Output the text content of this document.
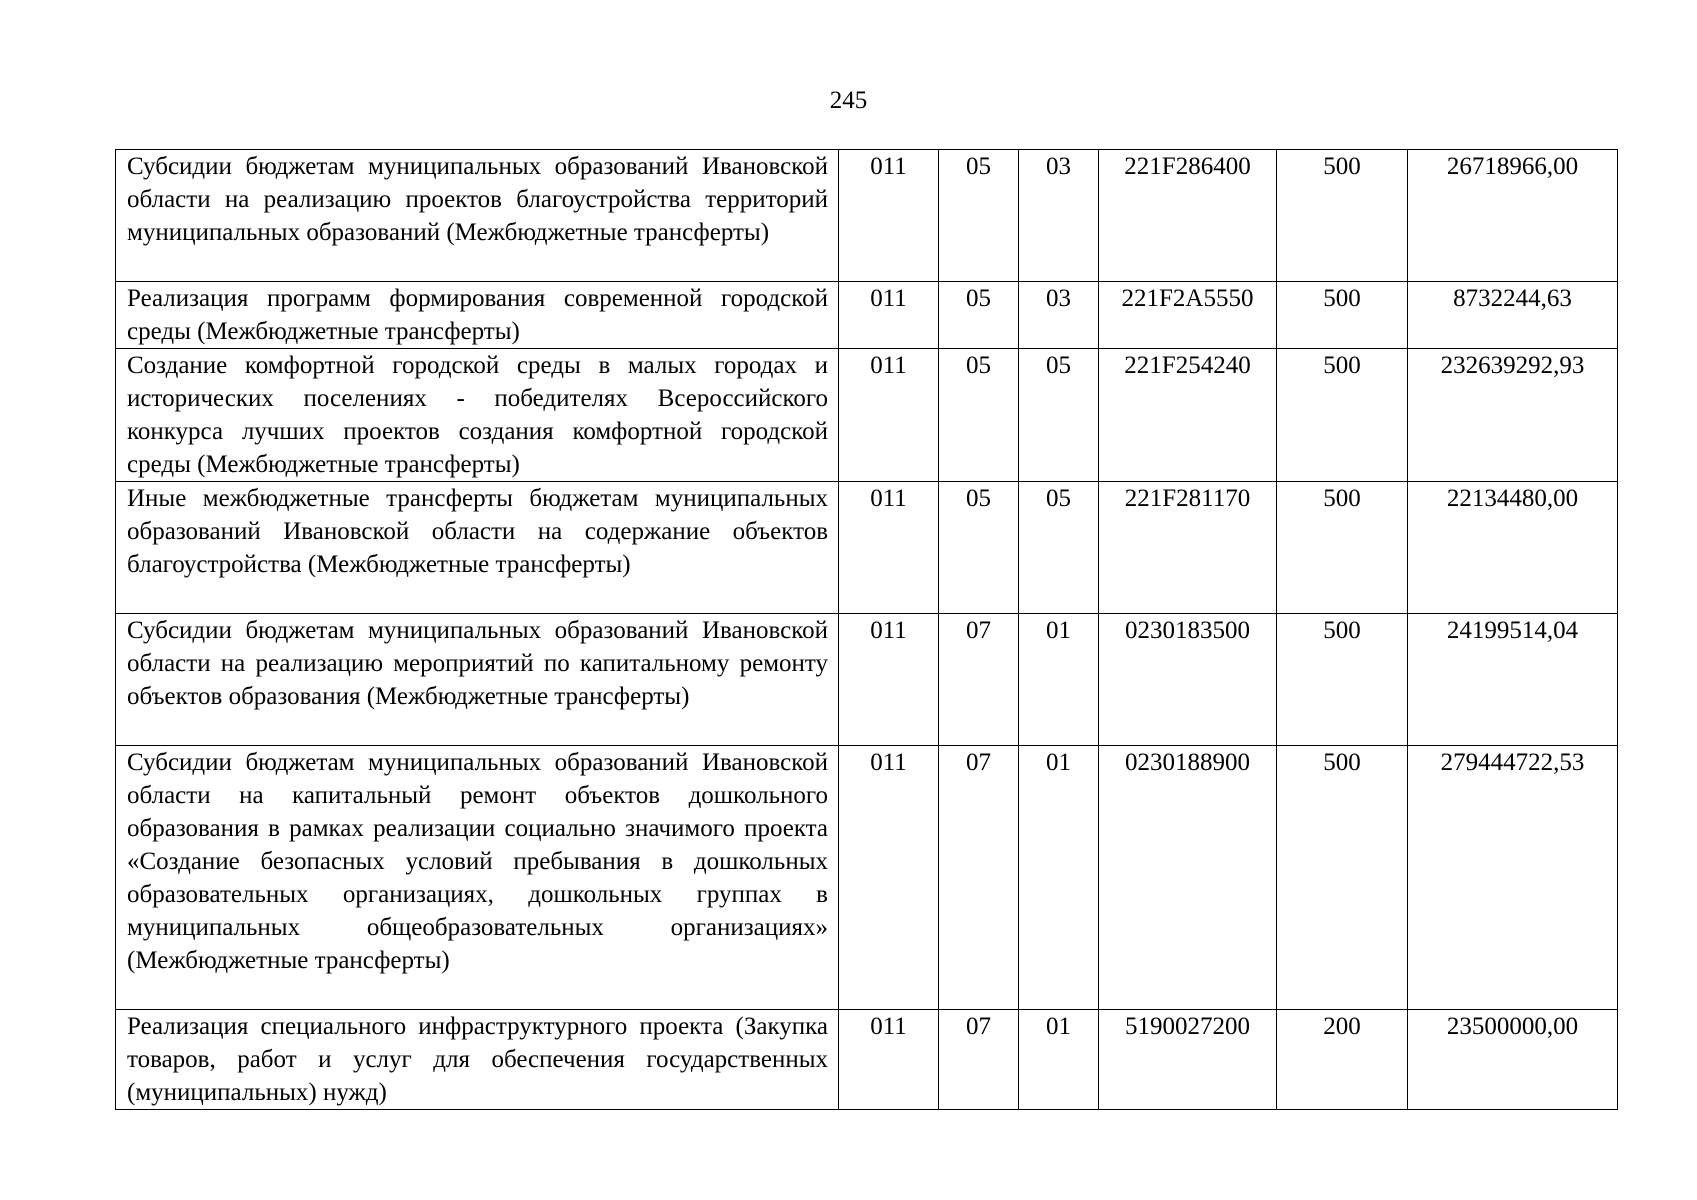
245
Субсидии бюджетам муниципальных образований Ивановской области на реализацию проектов благоустройства территорий муниципальных образований (Межбюджетные трансферты)	011	05	03	221F286400	500	26718966,00
Реализация программ формирования современной городской среды (Межбюджетные трансферты)	011	05	03	221F2A5550	500	8732244,63
Создание комфортной городской среды в малых городах и исторических поселениях - победителях Всероссийского конкурса лучших проектов создания комфортной городской среды (Межбюджетные трансферты)	011	05	05	221F254240	500	232639292,93
Иные межбюджетные трансферты бюджетам муниципальных образований Ивановской области на содержание объектов благоустройства (Межбюджетные трансферты)	011	05	05	221F281170	500	22134480,00
Субсидии бюджетам муниципальных образований Ивановской области на реализацию мероприятий по капитальному ремонту объектов образования (Межбюджетные трансферты)	011	07	01	0230183500	500	24199514,04
Субсидии бюджетам муниципальных образований Ивановской области на капитальный ремонт объектов дошкольного образования в рамках реализации социально значимого проекта «Создание безопасных условий пребывания в дошкольных образовательных организациях, дошкольных группах в муниципальных общеобразовательных организациях» (Межбюджетные трансферты)	011	07	01	0230188900	500	279444722,53
Реализация специального инфраструктурного проекта (Закупка товаров, работ и услуг для обеспечения государственных (муниципальных) нужд)	011	07	01	5190027200	200	23500000,00
